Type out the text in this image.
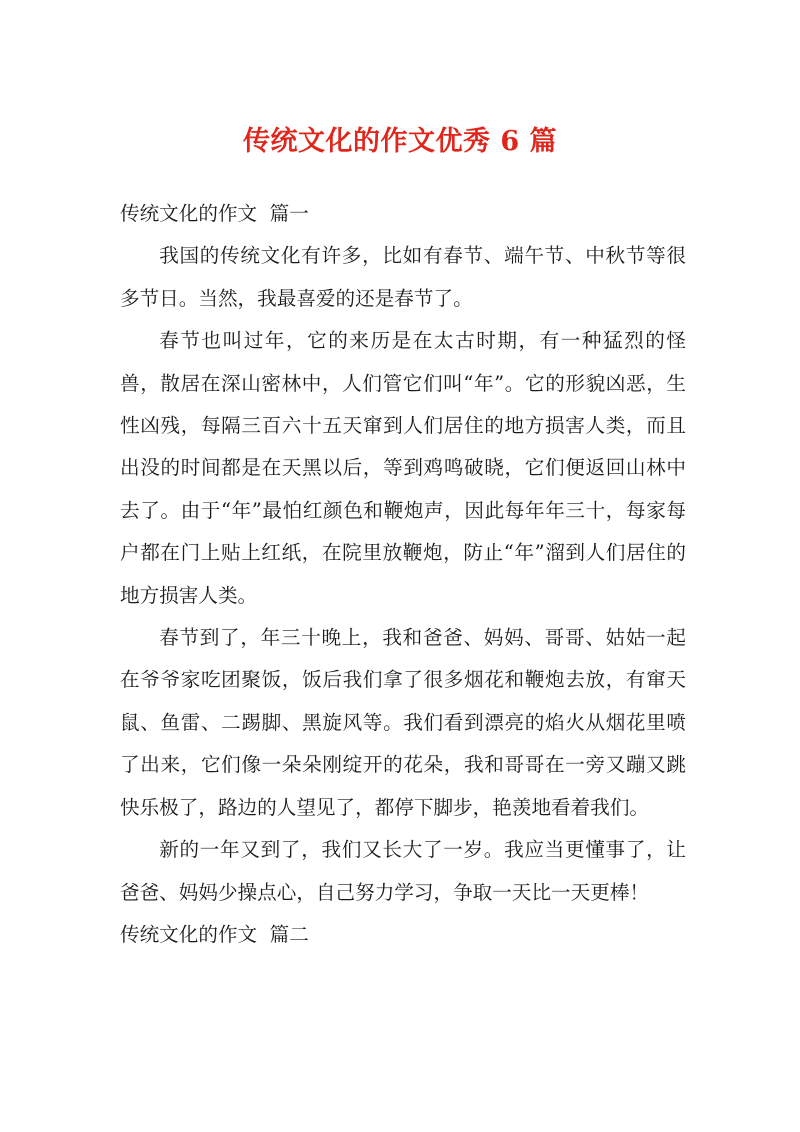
传统文化的作文优秀 6 篇
传统文化的作文  篇一

我国的传统文化有许多，比如有春节、端午节、中秋节等很多节日。当然，我最喜爱的还是春节了。

春节也叫过年，它的来历是在太古时期，有一种猛烈的怪兽，散居在深山密林中，人们管它们叫“年”。它的形貌凶恶，生性凶残，每隔三百六十五天窜到人们居住的地方损害人类，而且出没的时间都是在天黑以后，等到鸡鸣破晓，它们便返回山林中去了。由于“年”最怕红颜色和鞭炮声，因此每年年三十，每家每户都在门上贴上红纸，在院里放鞭炮，防止“年”溜到人们居住的地方损害人类。

春节到了，年三十晚上，我和爸爸、妈妈、哥哥、姑姑一起在爷爷家吃团聚饭，饭后我们拿了很多烟花和鞭炮去放，有窜天鼠、鱼雷、二踢脚、黑旋风等。我们看到漂亮的焰火从烟花里喷了出来，它们像一朵朵刚绽开的花朵，我和哥哥在一旁又蹦又跳快乐极了，路边的人望见了，都停下脚步，艳羡地看着我们。

新的一年又到了，我们又长大了一岁。我应当更懂事了，让爸爸、妈妈少操点心，自己努力学习，争取一天比一天更棒！

传统文化的作文  篇二
